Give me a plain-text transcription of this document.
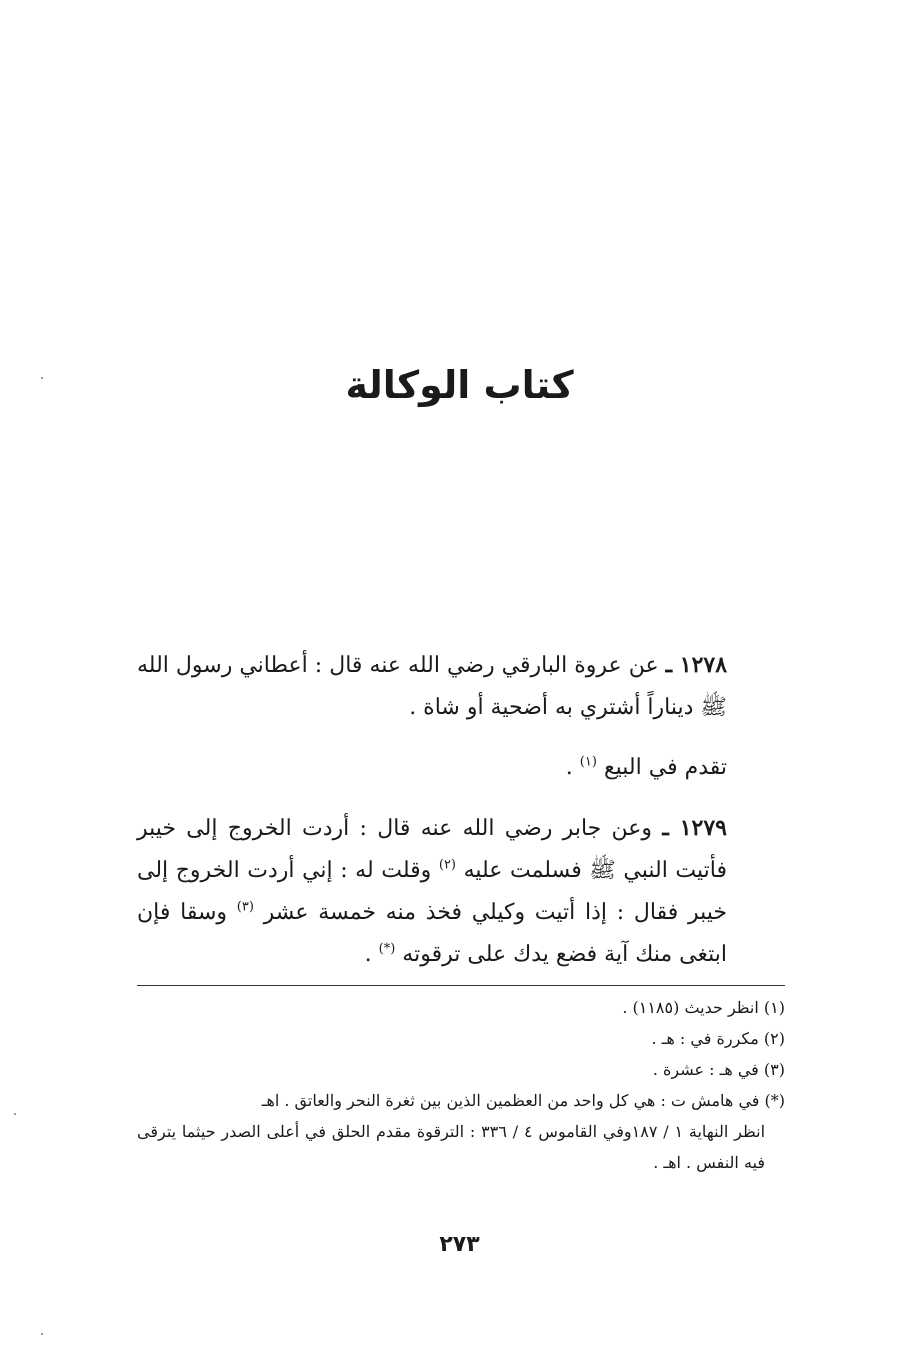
كتاب الوكالة

١٢٧٨ ـ عن عروة البارقي رضي الله عنه قال : أعطاني رسول الله ﷺ ديناراً أشتري به أضحية أو شاة .

تقدم في البيع $^{(١)}$ .

١٢٧٩ ـ وعن جابر رضي الله عنه قال : أردت الخروج إلى خيبر فأتيت النبي ﷺ فسلمت عليه $^{(٢)}$ وقلت له : إني أردت الخروج إلى خيبر فقال : إذا أتيت وكيلي فخذ منه خمسة عشر $^{(٣)}$ وسقا فإن ابتغى منك آية فضع يدك على ترقوته (*) .

(١) انظر حديث (١١٨٥) .

(٢) مكررة في : هـ .

(٣) في هـ : عشرة .

(*) في هامش ت : هي كل واحد من العظمين الذين بين ثغرة النحر والعاتق . اهـ

انظر النهاية ١ / ١٨٧وفي القاموس ٤ / ٣٣٦ : الترقوة مقدم الحلق في أعلى الصدر حيثما يترقى فيه النفس . اهـ .

٢٧٣
